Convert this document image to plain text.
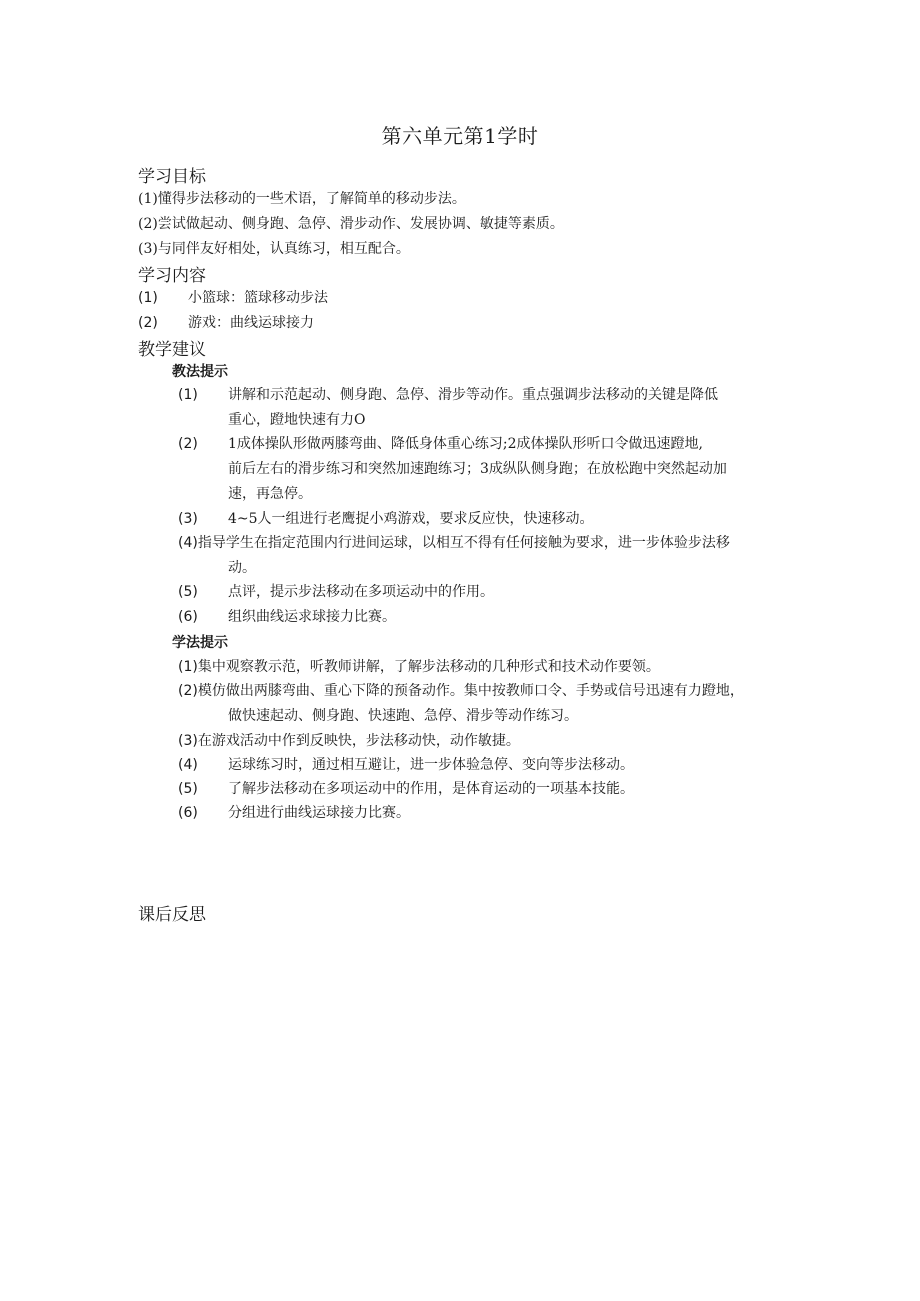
第六单元第1学时
学习目标
(1)懂得步法移动的一些术语，了解简单的移动步法。
(2)尝试做起动、侧身跑、急停、滑步动作、发展协调、敏捷等素质。
(3)与同伴友好相处，认真练习，相互配合。
学习内容
(1) 小篮球：篮球移动步法
(2) 游戏：曲线运球接力
教学建议
教法提示
(1) 讲解和示范起动、侧身跑、急停、滑步等动作。重点强调步法移动的关键是降低
重心，蹬地快速有力O
(2) 1成体操队形做两膝弯曲、降低身体重心练习;2成体操队形听口令做迅速蹬地,
前后左右的滑步练习和突然加速跑练习；3成纵队侧身跑；在放松跑中突然起动加
速，再急停。
(3) 4~5人一组进行老鹰捉小鸡游戏，要求反应快，快速移动。
(4)指导学生在指定范围内行进间运球，以相互不得有任何接触为要求，进一步体验步法移
动。
(5) 点评，提示步法移动在多项运动中的作用。
(6) 组织曲线运求球接力比赛。
学法提示
(1)集中观察教示范，听教师讲解，了解步法移动的几种形式和技术动作要领。
(2)模仿做出两膝弯曲、重心下降的预备动作。集中按教师口令、手势或信号迅速有力蹬地，
做快速起动、侧身跑、快速跑、急停、滑步等动作练习。
(3)在游戏活动中作到反映快，步法移动快，动作敏捷。
(4) 运球练习时，通过相互避让，进一步体验急停、变向等步法移动。
(5) 了解步法移动在多项运动中的作用，是体育运动的一项基本技能。
(6) 分组进行曲线运球接力比赛。
课后反思
